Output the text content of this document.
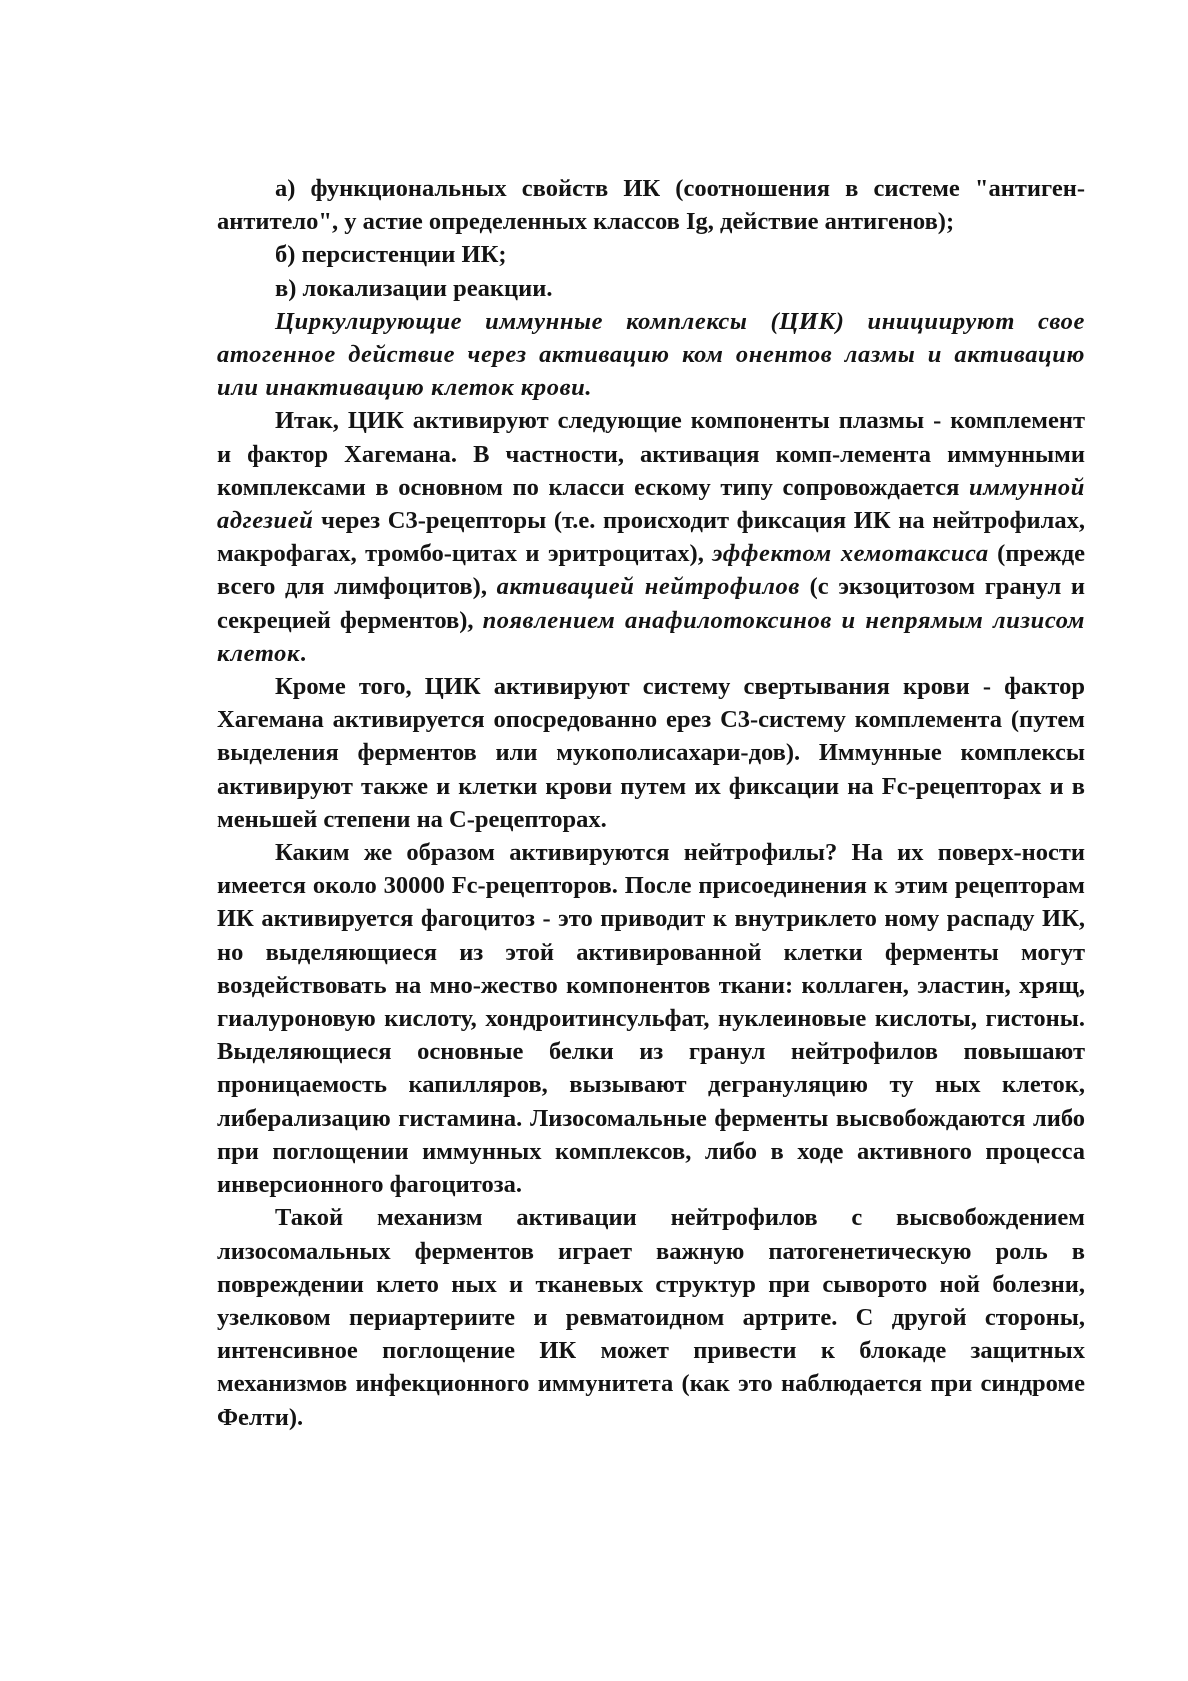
а) функциональных свойств ИК (соотношения в системе "антиген-антитело", у астие определенных классов Ig, действие антигенов);

б) персистенции ИК;

в) локализации реакции.

Циркулирующие иммунные комплексы (ЦИК) инициируют свое атогенное действие через активацию ком онентов лазмы и активацию или инактивацию клеток крови.

Итак, ЦИК активируют следующие компоненты плазмы - комплемент и фактор Хагемана. В частности, активация комп-лемента иммунными комплексами в основном по класси ескому типу сопровождается иммунной адгезией через С3-рецепторы (т.е. происходит фиксация ИК на нейтрофилах, макрофагах, тромбо-цитах и эритроцитах), эффектом хемотаксиса (прежде всего для лимфоцитов), активацией нейтрофилов (с экзоцитозом гранул и секрецией ферментов), появлением анафилотоксинов и непрямым лизисом клеток.

Кроме того, ЦИК активируют систему свертывания крови - фактор Хагемана активируется опосредованно ерез С3-систему комплемента (путем выделения ферментов или мукополисахари-дов). Иммунные комплексы активируют также и клетки крови путем их фиксации на Fc-рецепторах и в меньшей степени на С-рецепторах.

Каким же образом активируются нейтрофилы? На их поверх-ности имеется около 30000 Fc-рецепторов. После присоединения к этим рецепторам ИК активируется фагоцитоз - это приводит к внутриклето ному распаду ИК, но выделяющиеся из этой активированной клетки ферменты могут воздействовать на мно-жество компонентов ткани: коллаген, эластин, хрящ, гиалуроновую кислоту, хондроитинсульфат, нуклеиновые кислоты, гистоны. Выделяющиеся основные белки из гранул нейтрофилов повышают проницаемость капилляров, вызывают дегрануляцию ту ных клеток, либерализацию гистамина. Лизосомальные ферменты высвобождаются либо при поглощении иммунных комплексов, либо в ходе активного процесса инверсионного фагоцитоза.

Такой механизм активации нейтрофилов с высвобождением лизосомальных ферментов играет важную патогенетическую роль в повреждении клето ных и тканевых структур при сыворото ной болезни, узелковом периартериите и ревматоидном артрите. С другой стороны, интенсивное поглощение ИК может привести к блокаде защитных механизмов инфекционного иммунитета (как это наблюдается при синдроме Фелти).
